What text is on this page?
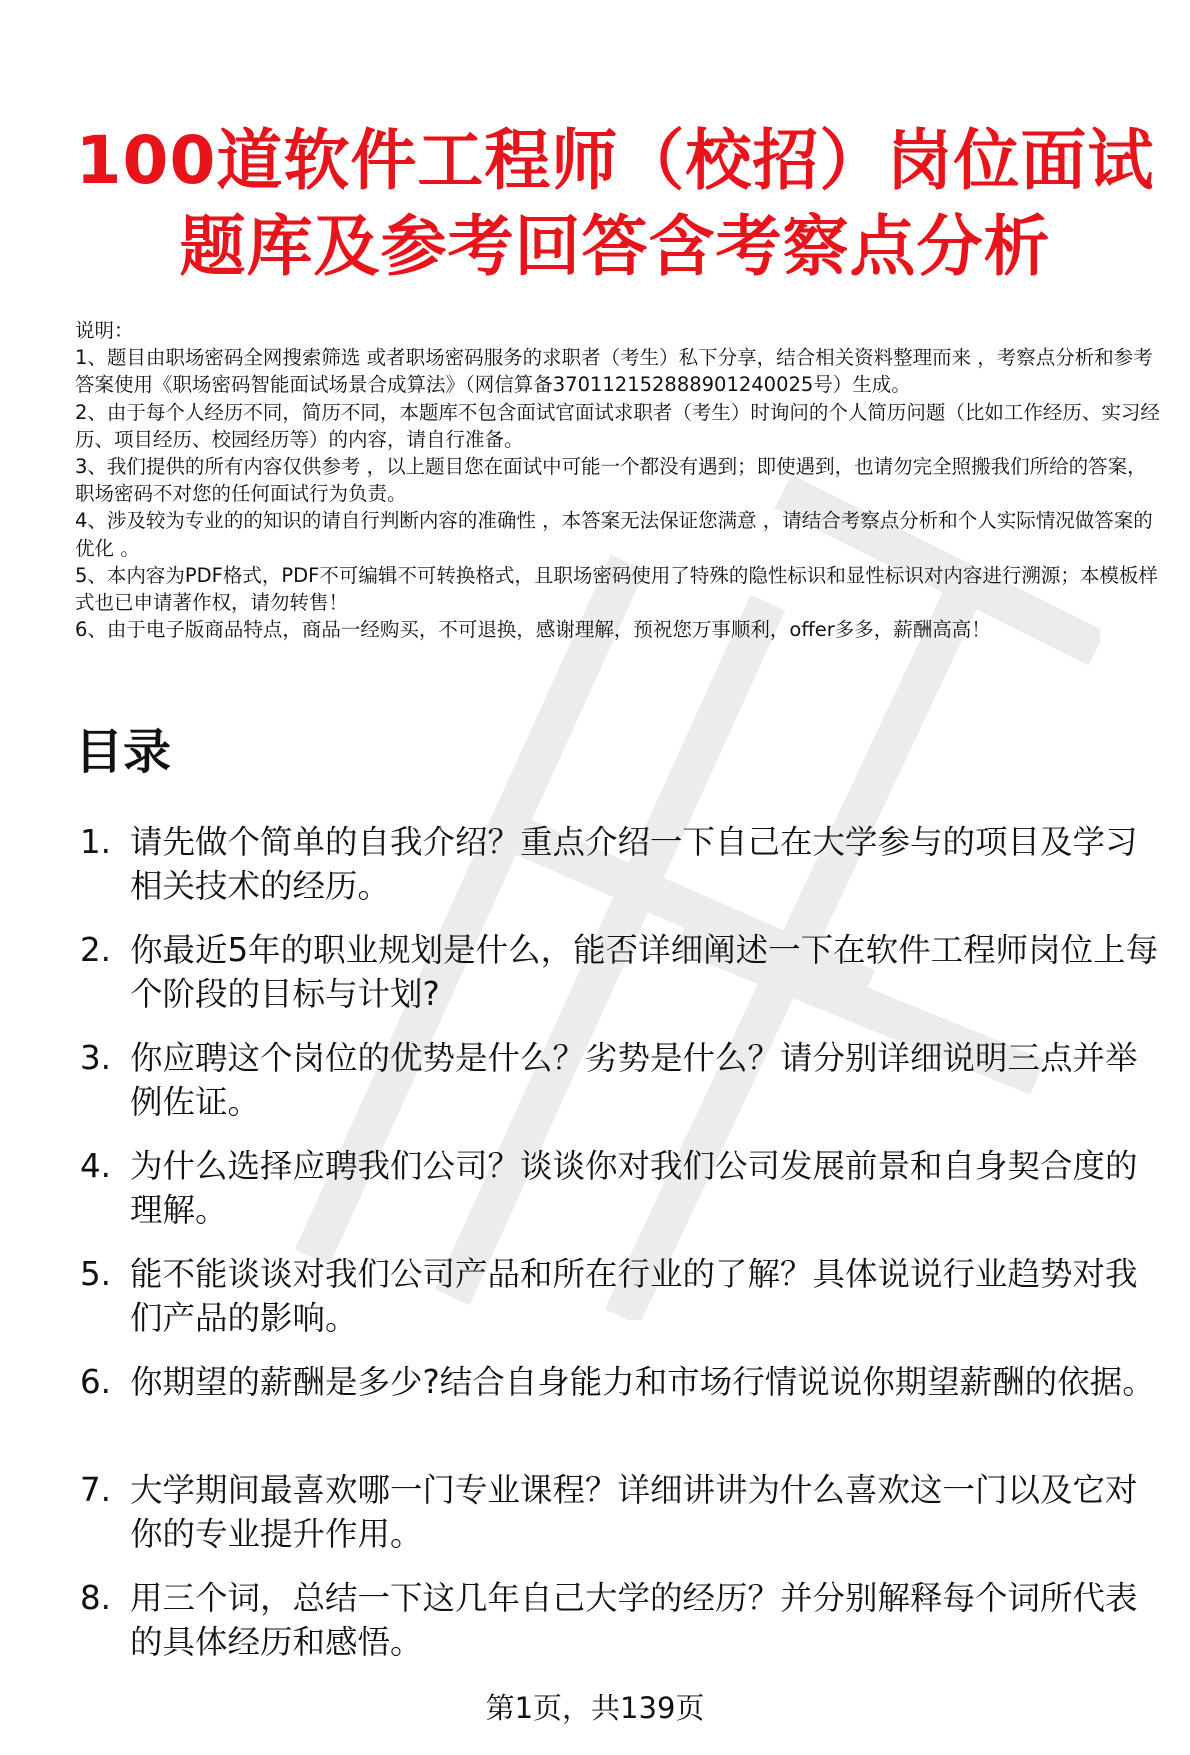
100道软件工程师（校招）岗位面试
题库及参考回答含考察点分析

说明：

1、题目由职场密码全网搜索筛选 或者职场密码服务的求职者（考生）私下分享，结合相关资料整理而来 ，考察点分析和参考答案使用《职场密码智能面试场景合成算法》（网信算备370112152888901240025号）生成。

2、由于每个人经历不同，简历不同，本题库不包含面试官面试求职者（考生）时询问的个人简历问题（比如工作经历、实习经历、项目经历、校园经历等）的内容，请自行准备。

3、我们提供的所有内容仅供参考 ，以上题目您在面试中可能一个都没有遇到；即使遇到，也请勿完全照搬我们所给的答案，职场密码不对您的任何面试行为负责。

4、涉及较为专业的的知识的请自行判断内容的准确性 ，本答案无法保证您满意 ，请结合考察点分析和个人实际情况做答案的优化 。

5、本内容为PDF格式，PDF不可编辑不可转换格式，且职场密码使用了特殊的隐性标识和显性标识对内容进行溯源；本模板样式也已申请著作权，请勿转售！

6、由于电子版商品特点，商品一经购买，不可退换，感谢理解，预祝您万事顺利，offer多多，薪酬高高！

目录
1. 请先做个简单的自我介绍？重点介绍一下自己在大学参与的项目及学习相关技术的经历。
2. 你最近5年的职业规划是什么，能否详细阐述一下在软件工程师岗位上每个阶段的目标与计划?
3. 你应聘这个岗位的优势是什么？劣势是什么？请分别详细说明三点并举例佐证。
4. 为什么选择应聘我们公司？谈谈你对我们公司发展前景和自身契合度的理解。
5. 能不能谈谈对我们公司产品和所在行业的了解？具体说说行业趋势对我们产品的影响。
6. 你期望的薪酬是多少?结合自身能力和市场行情说说你期望薪酬的依据。
7. 大学期间最喜欢哪一门专业课程？详细讲讲为什么喜欢这一门以及它对你的专业提升作用。
8. 用三个词，总结一下这几年自己大学的经历？并分别解释每个词所代表的具体经历和感悟。
第1页，共139页
